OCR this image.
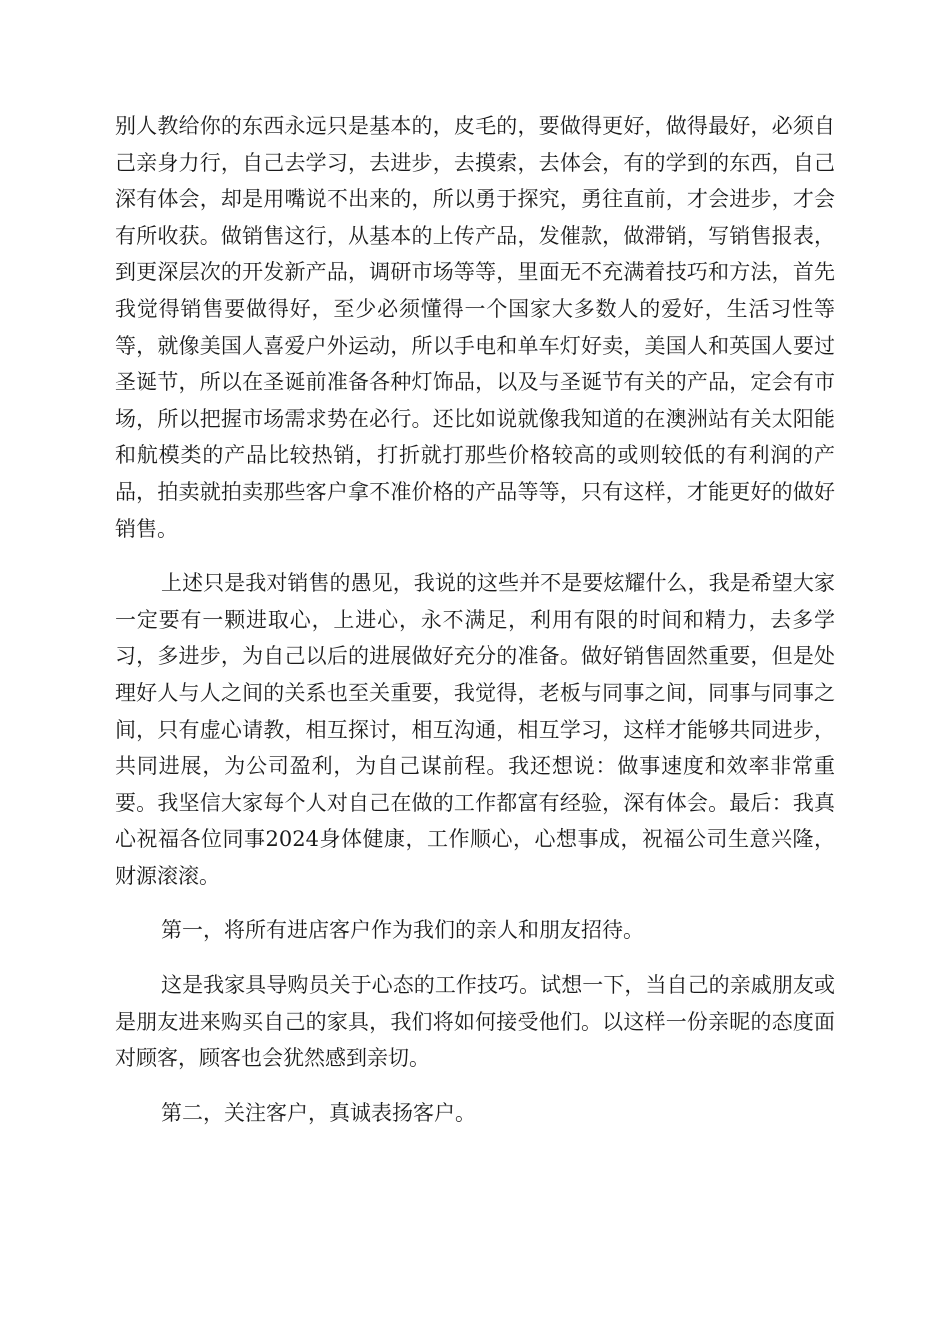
别人教给你的东西永远只是基本的，皮毛的，要做得更好，做得最好，必须自己亲身力行，自己去学习，去进步，去摸索，去体会，有的学到的东西，自己深有体会，却是用嘴说不出来的，所以勇于探究，勇往直前，才会进步，才会有所收获。做销售这行，从基本的上传产品，发催款，做滞销，写销售报表，到更深层次的开发新产品，调研市场等等，里面无不充满着技巧和方法，首先我觉得销售要做得好，至少必须懂得一个国家大多数人的爱好，生活习性等等，就像美国人喜爱户外运动，所以手电和单车灯好卖，美国人和英国人要过圣诞节，所以在圣诞前准备各种灯饰品，以及与圣诞节有关的产品，定会有市场，所以把握市场需求势在必行。还比如说就像我知道的在澳洲站有关太阳能和航模类的产品比较热销，打折就打那些价格较高的或则较低的有利润的产品，拍卖就拍卖那些客户拿不准价格的产品等等，只有这样，才能更好的做好销售。

上述只是我对销售的愚见，我说的这些并不是要炫耀什么，我是希望大家一定要有一颗进取心，上进心，永不满足，利用有限的时间和精力，去多学习，多进步，为自己以后的进展做好充分的准备。做好销售固然重要，但是处理好人与人之间的关系也至关重要，我觉得，老板与同事之间，同事与同事之间，只有虚心请教，相互探讨，相互沟通，相互学习，这样才能够共同进步，共同进展，为公司盈利，为自己谋前程。我还想说：做事速度和效率非常重要。我坚信大家每个人对自己在做的工作都富有经验，深有体会。最后：我真心祝福各位同事2024身体健康，工作顺心，心想事成，祝福公司生意兴隆，财源滚滚。

第一，将所有进店客户作为我们的亲人和朋友招待。

这是我家具导购员关于心态的工作技巧。试想一下，当自己的亲戚朋友或是朋友进来购买自己的家具，我们将如何接受他们。以这样一份亲昵的态度面对顾客，顾客也会犹然感到亲切。

第二，关注客户，真诚表扬客户。
